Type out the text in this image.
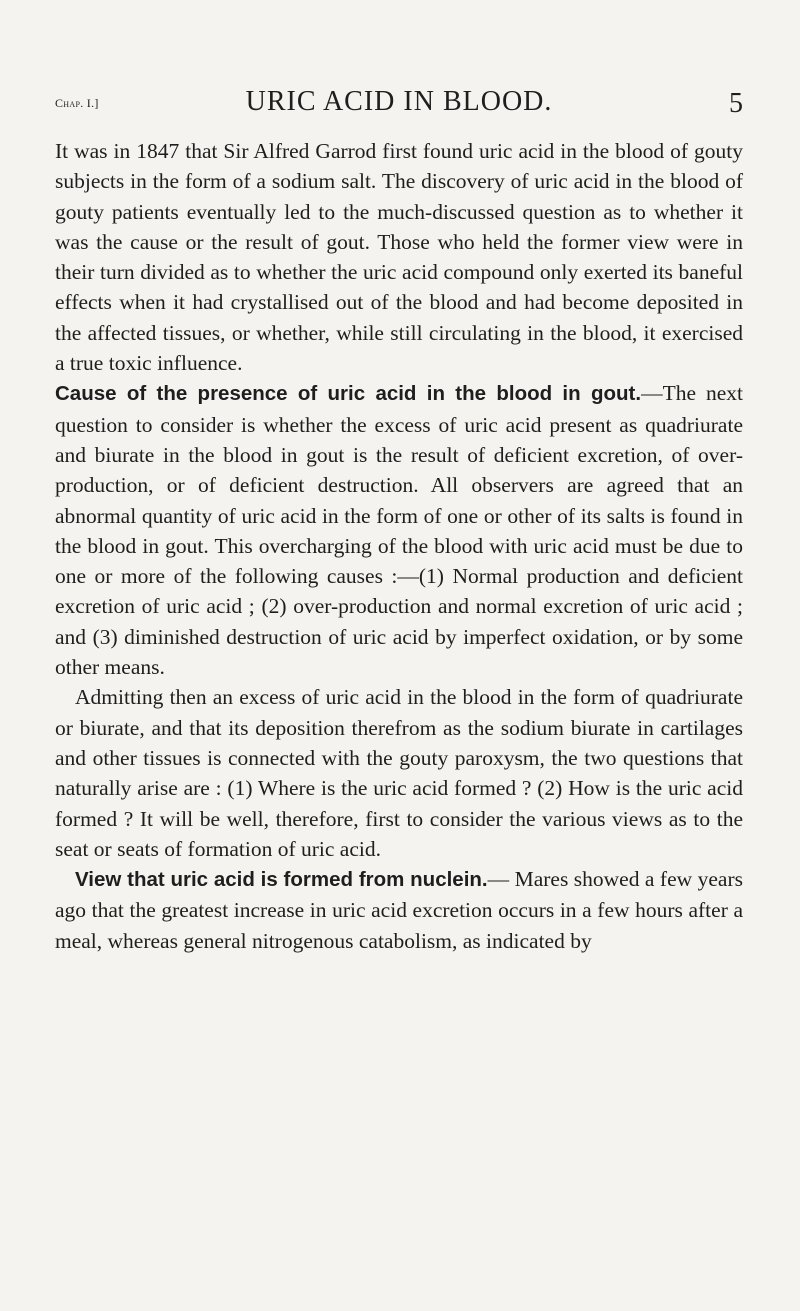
Chap. I.]	URIC ACID IN BLOOD.	5

It was in 1847 that Sir Alfred Garrod first found uric acid in the blood of gouty subjects in the form of a sodium salt. The discovery of uric acid in the blood of gouty patients eventually led to the much-discussed question as to whether it was the cause or the result of gout. Those who held the former view were in their turn divided as to whether the uric acid compound only exerted its baneful effects when it had crystallised out of the blood and had become deposited in the affected tissues, or whether, while still circulating in the blood, it exercised a true toxic influence.

Cause of the presence of uric acid in the blood in gout.—The next question to consider is whether the excess of uric acid present as quadriurate and biurate in the blood in gout is the result of deficient excretion, of over-production, or of deficient destruction. All observers are agreed that an abnormal quantity of uric acid in the form of one or other of its salts is found in the blood in gout. This overcharging of the blood with uric acid must be due to one or more of the following causes :—(1) Normal production and deficient excretion of uric acid ; (2) over-production and normal excretion of uric acid ; and (3) diminished destruction of uric acid by imperfect oxidation, or by some other means.

Admitting then an excess of uric acid in the blood in the form of quadriurate or biurate, and that its deposition therefrom as the sodium biurate in cartilages and other tissues is connected with the gouty paroxysm, the two questions that naturally arise are : (1) Where is the uric acid formed ? (2) How is the uric acid formed ? It will be well, therefore, first to consider the various views as to the seat or seats of formation of uric acid.

View that uric acid is formed from nuclein.— Mares showed a few years ago that the greatest increase in uric acid excretion occurs in a few hours after a meal, whereas general nitrogenous catabolism, as indicated by
